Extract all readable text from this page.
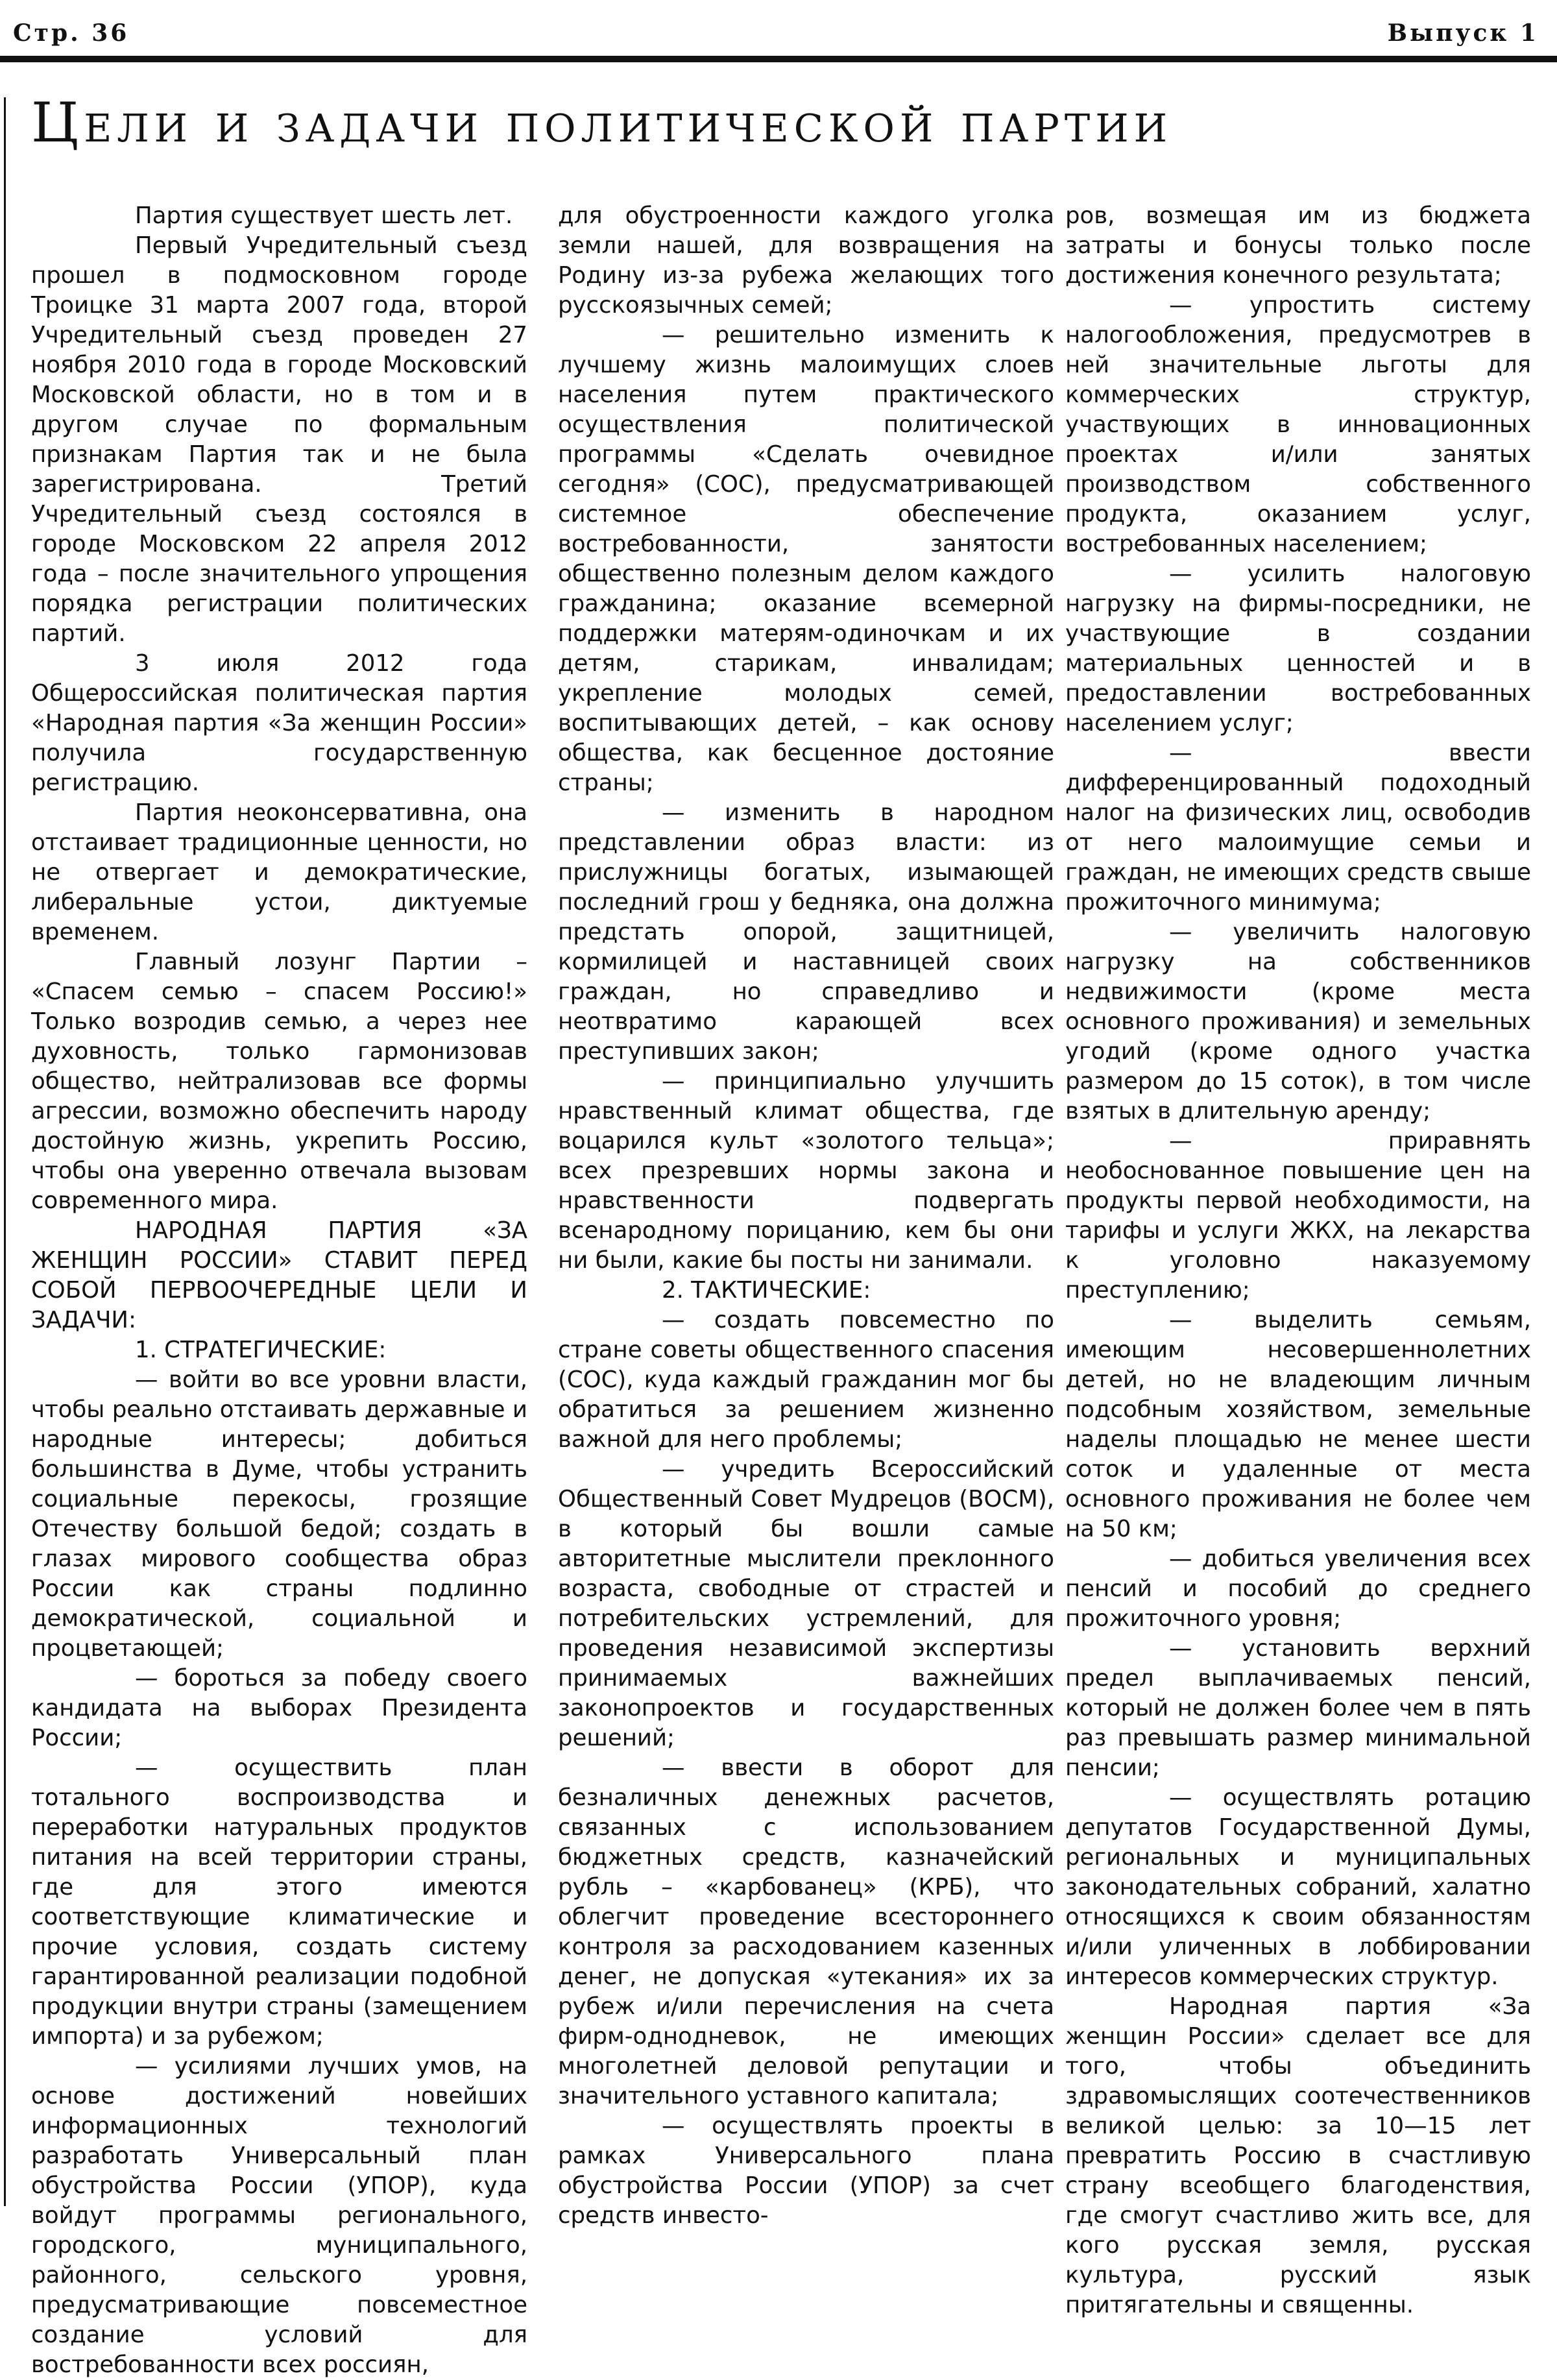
Стр. 36	Выпуск 1
Цели и задачи политической партии

Партия существует шесть лет.

Первый Учредительный съезд прошел в подмосковном городе Троицке 31 марта 2007 года, второй Учредительный съезд проведен 27 ноября 2010 года в городе Московский Московской области, но в том и в другом случае по формальным признакам Партия так и не была зарегистрирована. Третий Учредительный съезд состоялся в городе Московском 22 апреля 2012 года – после значительного упрощения порядка регистрации политических партий.

3 июля 2012 года Общероссийская политическая партия «Народная партия «За женщин России» получила государственную регистрацию.

Партия неоконсервативна, она отстаивает традиционные ценности, но не отвергает и демократические, либеральные устои, диктуемые временем.

Главный лозунг Партии – «Спасем семью – спасем Россию!» Только возродив семью, а через нее духовность, только гармонизовав общество, нейтрализовав все формы агрессии, возможно обеспечить народу достойную жизнь, укрепить Россию, чтобы она уверенно отвечала вызовам современного мира.

НАРОДНАЯ ПАРТИЯ «ЗА ЖЕНЩИН РОССИИ» СТАВИТ ПЕРЕД СОБОЙ ПЕРВООЧЕРЕДНЫЕ ЦЕЛИ И ЗАДАЧИ:

1. СТРАТЕГИЧЕСКИЕ:

— войти во все уровни власти, чтобы реально отстаивать державные и народные интересы; добиться большинства в Думе, чтобы устранить социальные перекосы, грозящие Отечеству большой бедой; создать в глазах мирового сообщества образ России как страны подлинно демократической, социальной и процветающей;

— бороться за победу своего кандидата на выборах Президента России;

— осуществить план тотального воспроизводства и переработки натуральных продуктов питания на всей территории страны, где для этого имеются соответствующие климатические и прочие условия, создать систему гарантированной реализации подобной продукции внутри страны (замещением импорта) и за рубежом;

— усилиями лучших умов, на основе достижений новейших информационных технологий разработать Универсальный план обустройства России (УПОР), куда войдут программы регионального, городского, муниципального, районного, сельского уровня, предусматривающие повсеместное создание условий для востребованности всех россиян,

для обустроенности каждого уголка земли нашей, для возвращения на Родину из-за рубежа желающих того русскоязычных семей;

— решительно изменить к лучшему жизнь малоимущих слоев населения путем практического осуществления политической программы «Сделать очевидное сегодня» (СОС), предусматривающей системное обеспечение востребованности, занятости общественно полезным делом каждого гражданина; оказание всемерной поддержки матерям-одиночкам и их детям, старикам, инвалидам; укрепление молодых семей, воспитывающих детей, – как основу общества, как бесценное достояние страны;

— изменить в народном представлении образ власти: из прислужницы богатых, изымающей последний грош у бедняка, она должна предстать опорой, защитницей, кормилицей и наставницей своих граждан, но справедливо и неотвратимо карающей всех преступивших закон;

— принципиально улучшить нравственный климат общества, где воцарился культ «золотого тельца»; всех презревших нормы закона и нравственности подвергать всенародному порицанию, кем бы они ни были, какие бы посты ни занимали.

2. ТАКТИЧЕСКИЕ:

— создать повсеместно по стране советы общественного спасения (СОС), куда каждый гражданин мог бы обратиться за решением жизненно важной для него проблемы;

— учредить Всероссийский Общественный Совет Мудрецов (ВОСМ), в который бы вошли самые авторитетные мыслители преклонного возраста, свободные от страстей и потребительских устремлений, для проведения независимой экспертизы принимаемых важнейших законопроектов и государственных решений;

— ввести в оборот для безналичных денежных расчетов, связанных с использованием бюджетных средств, казначейский рубль – «карбованец» (КРБ), что облегчит проведение всестороннего контроля за расходованием казенных денег, не допуская «утекания» их за рубеж и/или перечисления на счета фирм-однодневок, не имеющих многолетней деловой репутации и значительного уставного капитала;

— осуществлять проекты в рамках Универсального плана обустройства России (УПОР) за счет средств инвесто-

ров, возмещая им из бюджета затраты и бонусы только после достижения конечного результата;

— упростить систему налогообложения, предусмотрев в ней значительные льготы для коммерческих структур, участвующих в инновационных проектах и/или занятых производством собственного продукта, оказанием услуг, востребованных населением;

— усилить налоговую нагрузку на фирмы-посредники, не участвующие в создании материальных ценностей и в предоставлении востребованных населением услуг;

— ввести дифференцированный подоходный налог на физических лиц, освободив от него малоимущие семьи и граждан, не имеющих средств свыше прожиточного минимума;

— увеличить налоговую нагрузку на собственников недвижимости (кроме места основного проживания) и земельных угодий (кроме одного участка размером до 15 соток), в том числе взятых в длительную аренду;

— приравнять необоснованное повышение цен на продукты первой необходимости, на тарифы и услуги ЖКХ, на лекарства к уголовно наказуемому преступлению;

— выделить семьям, имеющим несовершеннолетних детей, но не владеющим личным подсобным хозяйством, земельные наделы площадью не менее шести соток и удаленные от места основного проживания не более чем на 50 км;

— добиться увеличения всех пенсий и пособий до среднего прожиточного уровня;

— установить верхний предел выплачиваемых пенсий, который не должен более чем в пять раз превышать размер минимальной пенсии;

— осуществлять ротацию депутатов Государственной Думы, региональных и муниципальных законодательных собраний, халатно относящихся к своим обязанностям и/или уличенных в лоббировании интересов коммерческих структур.

Народная партия «За женщин России» сделает все для того, чтобы объединить здравомыслящих соотечественников великой целью: за 10—15 лет превратить Россию в счастливую страну всеобщего благоденствия, где смогут счастливо жить все, для кого русская земля, русская культура, русский язык притягательны и священны.
